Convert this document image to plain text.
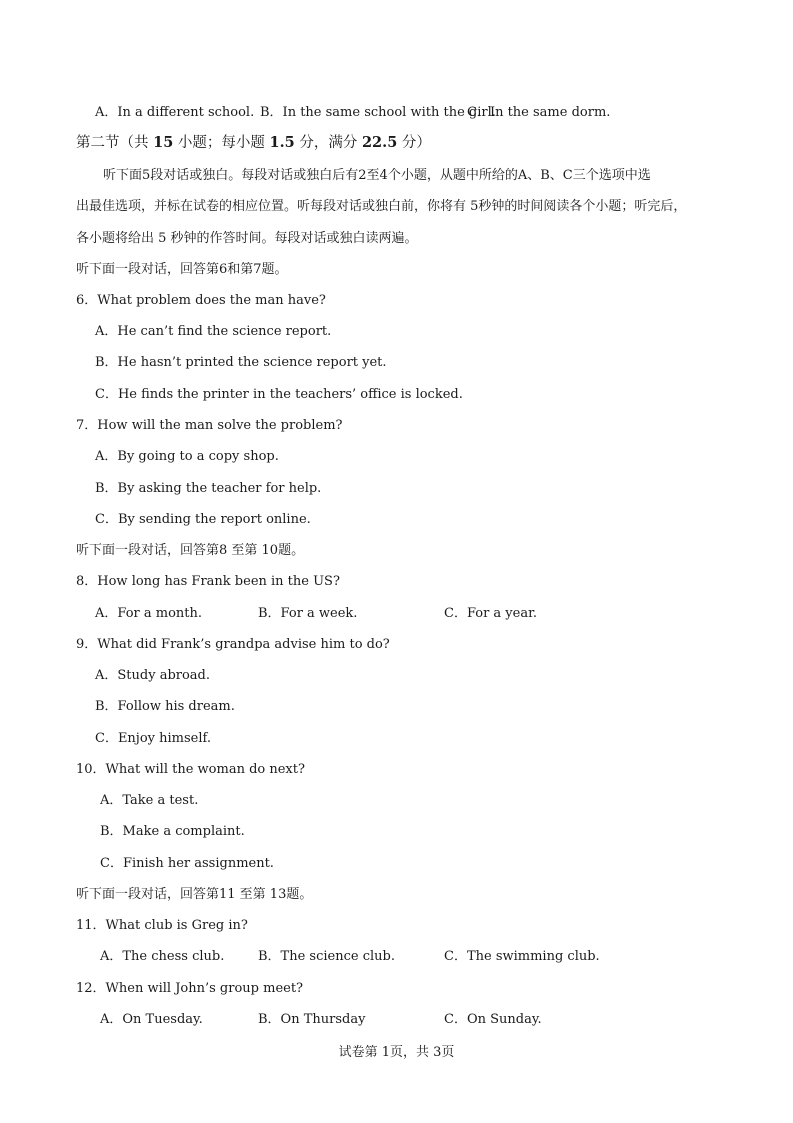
A．In a different school. B．In the same school with the girl.
C．In the same dorm.
第二节（共 15 小题；每小题 1.5 分，满分 22.5 分）
听下面5段对话或独白。每段对话或独白后有2至4个小题，从题中所给的A、B、C三个选项中选
出最佳选项，并标在试卷的相应位置。听每段对话或独白前，你将有 5秒钟的时间阅读各个小题；听完后，
各小题将给出 5 秒钟的作答时间。每段对话或独白读两遍。
听下面一段对话，回答第6和第7题。
6．What problem does the man have?
A．He can’t find the science report.
B．He hasn’t printed the science report yet.
C．He finds the printer in the teachers’ office is locked.
7．How will the man solve the problem?
A．By going to a copy shop.
B．By asking the teacher for help.
C．By sending the report online.
听下面一段对话，回答第8 至第 10题。
8．How long has Frank been in the US?
A．For a month.	B．For a week.	C．For a year.
9．What did Frank’s grandpa advise him to do?
A．Study abroad.
B．Follow his dream.
C．Enjoy himself.
10．What will the woman do next?
A．Take a test.
B．Make a complaint.
C．Finish her assignment.
听下面一段对话，回答第11 至第 13题。
11．What club is Greg in?
A．The chess club.	B．The science club.	C．The swimming club.
12．When will John’s group meet?
A．On Tuesday.	B．On Thursday	C．On Sunday.
试卷第 1页，共 3页
